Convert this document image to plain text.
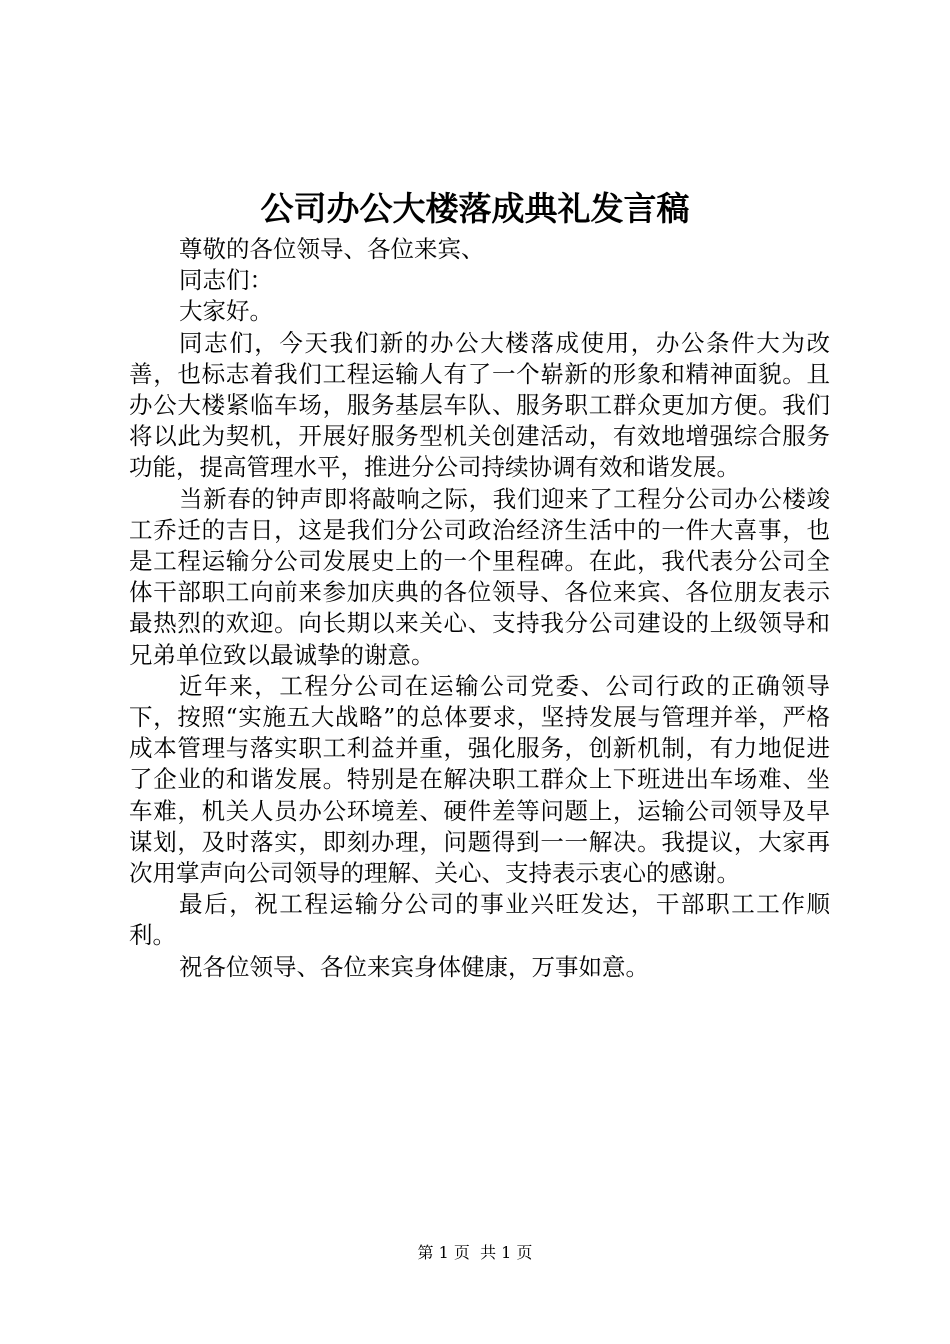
公司办公大楼落成典礼发言稿

尊敬的各位领导、各位来宾、

同志们：

大家好。

同志们，今天我们新的办公大楼落成使用，办公条件大为改善，也标志着我们工程运输人有了一个崭新的形象和精神面貌。且办公大楼紧临车场，服务基层车队、服务职工群众更加方便。我们将以此为契机，开展好服务型机关创建活动，有效地增强综合服务功能，提高管理水平，推进分公司持续协调有效和谐发展。

当新春的钟声即将敲响之际，我们迎来了工程分公司办公楼竣工乔迁的吉日，这是我们分公司政治经济生活中的一件大喜事，也是工程运输分公司发展史上的一个里程碑。在此，我代表分公司全体干部职工向前来参加庆典的各位领导、各位来宾、各位朋友表示最热烈的欢迎。向长期以来关心、支持我分公司建设的上级领导和兄弟单位致以最诚挚的谢意。

近年来，工程分公司在运输公司党委、公司行政的正确领导下，按照“实施五大战略”的总体要求，坚持发展与管理并举，严格成本管理与落实职工利益并重，强化服务，创新机制，有力地促进了企业的和谐发展。特别是在解决职工群众上下班进出车场难、坐车难，机关人员办公环境差、硬件差等问题上，运输公司领导及早谋划，及时落实，即刻办理，问题得到一一解决。我提议，大家再次用掌声向公司领导的理解、关心、支持表示衷心的感谢。

最后，祝工程运输分公司的事业兴旺发达，干部职工工作顺利。

祝各位领导、各位来宾身体健康，万事如意。

第 1 页  共 1 页
